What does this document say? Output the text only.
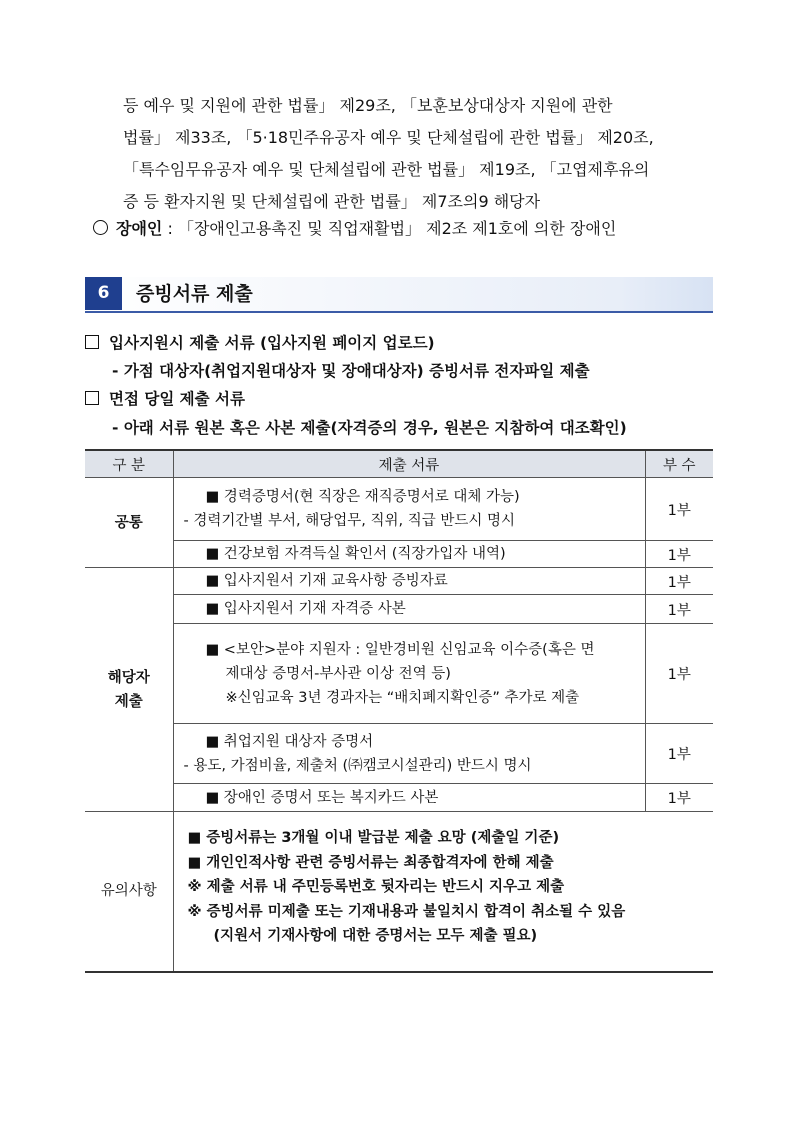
등 예우 및 지원에 관한 법률」 제29조, 「보훈보상대상자 지원에 관한

법률」 제33조, 「5·18민주유공자 예우 및 단체설립에 관한 법률」 제20조,

「특수임무유공자 예우 및 단체설립에 관한 법률」 제19조, 「고엽제후유의

증 등 환자지원 및 단체설립에 관한 법률」 제7조의9 해당자

장애인 : 「장애인고용촉진 및 직업재활법」 제2조 제1호에 의한 장애인
6	증빙서류 제출
입사지원시 제출 서류 (입사지원 페이지 업로드)
- 가점 대상자(취업지원대상자 및 장애대상자) 증빙서류 전자파일 제출
면접 당일 제출 서류
- 아래 서류 원본 혹은 사본 제출(자격증의 경우, 원본은 지참하여 대조확인)
구 분	제출 서류	부 수
공통	■ 경력증명서(현 직장은 재직증명서로 대체 가능)
- 경력기간별 부서, 해당업무, 직위, 직급 반드시 명시	1부

	■ 건강보험 자격득실 확인서 (직장가입자 내역)	1부

해당자
제출	■ 입사지원서 기재 교육사항 증빙자료	1부

	■ 입사지원서 기재 자격증 사본	1부

	■ <보안>분야 지원자 : 일반경비원 신임교육 이수증(혹은 면
제대상 증명서-부사관 이상 전역 등)
※신임교육 3년 경과자는 “배치폐지확인증” 추가로 제출	1부

	■ 취업지원 대상자 증명서
- 용도, 가점비율, 제출처 (㈜캠코시설관리) 반드시 명시	1부

	■ 장애인 증명서 또는 복지카드 사본	1부
유의사항	■ 증빙서류는 3개월 이내 발급분 제출 요망 (제출일 기준)
■ 개인인적사항 관련 증빙서류는 최종합격자에 한해 제출
※ 제출 서류 내 주민등록번호 뒷자리는 반드시 지우고 제출
※ 증빙서류 미제출 또는 기재내용과 불일치시 합격이 취소될 수 있음
(지원서 기재사항에 대한 증명서는 모두 제출 필요)	
